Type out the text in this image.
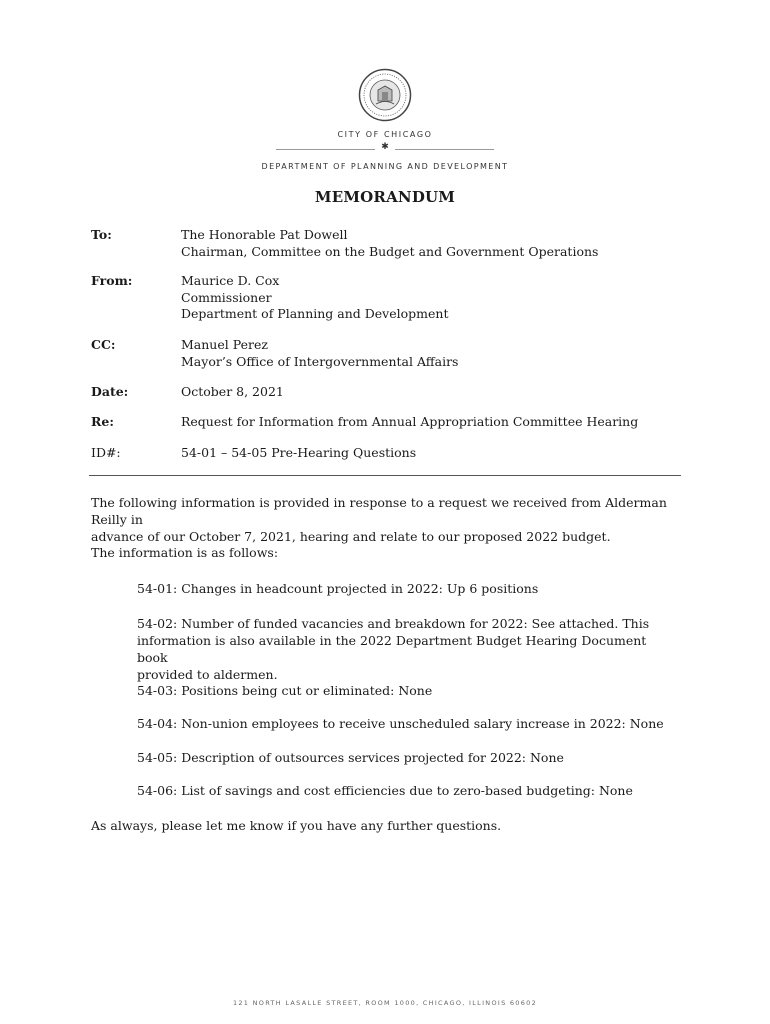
CITY OF CHICAGO
✱
DEPARTMENT OF PLANNING AND DEVELOPMENT
MEMORANDUM
To:	The Honorable Pat Dowell
Chairman, Committee on the Budget and Government Operations
From:	Maurice D. Cox
Commissioner
Department of Planning and Development
CC:	Manuel Perez
Mayor’s Office of Intergovernmental Affairs
Date:	October 8, 2021
Re:	Request for Information from Annual Appropriation Committee Hearing
ID#:	54-01 – 54-05 Pre-Hearing Questions
The following information is provided in response to a request we received from Alderman Reilly in
advance of our October 7, 2021, hearing and relate to our proposed 2022 budget.
The information is as follows:
54-01: Changes in headcount projected in 2022: Up 6 positions
54-02: Number of funded vacancies and breakdown for 2022: See attached. This
information is also available in the 2022 Department Budget Hearing Document book
provided to aldermen.
54-03: Positions being cut or eliminated: None
54-04: Non-union employees to receive unscheduled salary increase in 2022: None
54-05: Description of outsources services projected for 2022: None
54-06: List of savings and cost efficiencies due to zero-based budgeting: None
As always, please let me know if you have any further questions.
121 NORTH LASALLE STREET, ROOM 1000, CHICAGO, ILLINOIS 60602
